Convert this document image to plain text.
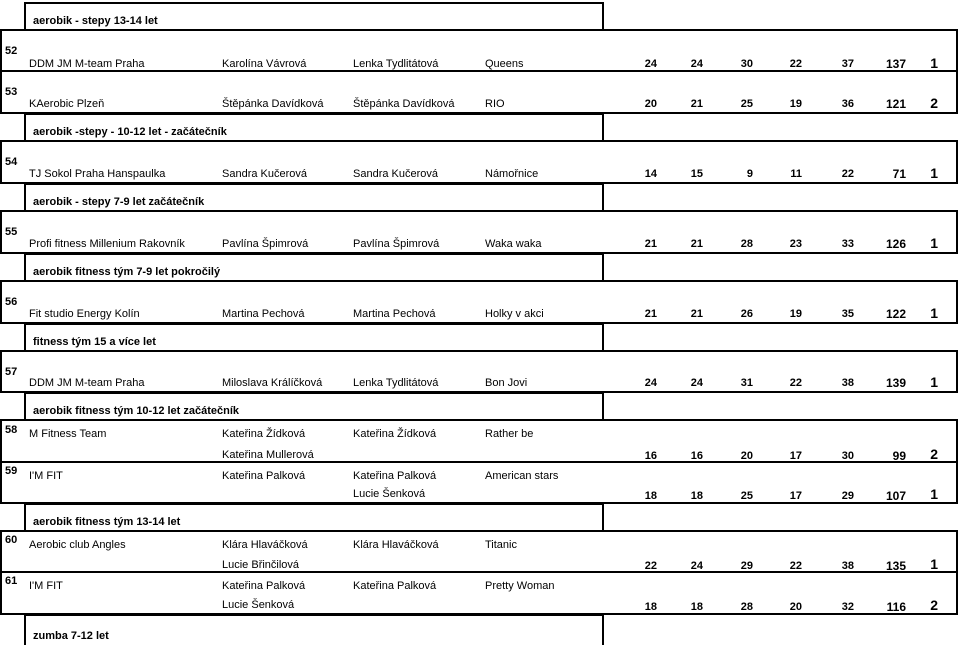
aerobik - stepy 13-14 let
aerobik -stepy - 10-12 let - začátečník
aerobik - stepy 7-9 let začátečník
aerobik fitness tým 7-9 let pokročilý
fitness tým 15 a více let
aerobik fitness tým 10-12 let začátečník
aerobik fitness tým 13-14 let
zumba 7-12 let
52
DDM JM M-team Praha	Karolína Vávrová	Lenka Tydlitátová	Queens	24	24	30	22	37	137	1
53
KAerobic Plzeň	Štěpánka Davídková	Štěpánka Davídková	RIO	20	21	25	19	36	121	2
54
TJ Sokol Praha Hanspaulka	Sandra Kučerová	Sandra Kučerová	Námořnice	14	15	9	11	22	71	1
55
Profi fitness Millenium Rakovník	Pavlína Špimrová	Pavlína Špimrová	Waka waka	21	21	28	23	33	126	1
56
Fit studio Energy Kolín	Martina Pechová	Martina Pechová	Holky v akci	21	21	26	19	35	122	1
57
DDM JM M-team Praha	Miloslava Králíčková	Lenka Tydlitátová	Bon Jovi	24	24	31	22	38	139	1
58 M Fitness Team	Kateřina Žídková	Kateřina Žídková	Rather be
Kateřina Mullerová	16	16	20	17	30	99	2
59 I'M FIT	Kateřina Palková	Kateřina Palková	American stars
Lucie Šenková	18	18	25	17	29	107	1
60 Aerobic club Angles	Klára Hlaváčková	Klára Hlaváčková	Titanic
Lucie Břinčilová	22	24	29	22	38	135	1
61 I'M FIT	Kateřina Palková	Kateřina Palková	Pretty Woman
Lucie Šenková	18	18	28	20	32	116	2
